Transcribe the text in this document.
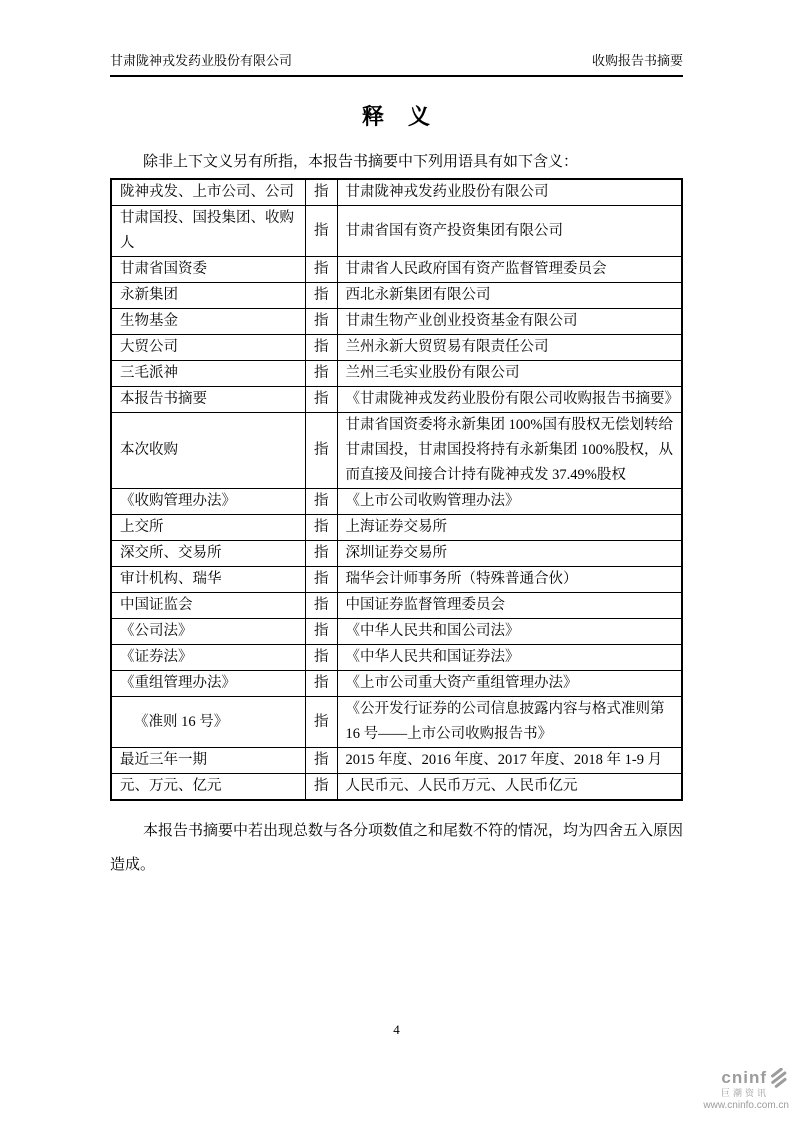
甘肃陇神戎发药业股份有限公司	收购报告书摘要
释　义

除非上下文义另有所指，本报告书摘要中下列用语具有如下含义：

陇神戎发、上市公司、公司	指	甘肃陇神戎发药业股份有限公司
甘肃国投、国投集团、收购人	指	甘肃省国有资产投资集团有限公司
甘肃省国资委	指	甘肃省人民政府国有资产监督管理委员会
永新集团	指	西北永新集团有限公司
生物基金	指	甘肃生物产业创业投资基金有限公司
大贸公司	指	兰州永新大贸贸易有限责任公司
三毛派神	指	兰州三毛实业股份有限公司
本报告书摘要	指	《甘肃陇神戎发药业股份有限公司收购报告书摘要》
本次收购	指	甘肃省国资委将永新集团 100%国有股权无偿划转给甘肃国投，甘肃国投将持有永新集团 100%股权，从而直接及间接合计持有陇神戎发 37.49%股权
《收购管理办法》	指	《上市公司收购管理办法》
上交所	指	上海证券交易所
深交所、交易所	指	深圳证券交易所
审计机构、瑞华	指	瑞华会计师事务所（特殊普通合伙）
中国证监会	指	中国证券监督管理委员会
《公司法》	指	《中华人民共和国公司法》
《证券法》	指	《中华人民共和国证券法》
《重组管理办法》	指	《上市公司重大资产重组管理办法》
《准则 16 号》	指	《公开发行证券的公司信息披露内容与格式准则第 16 号——上市公司收购报告书》
最近三年一期	指	2015 年度、2016 年度、2017 年度、2018 年 1-9 月
元、万元、亿元	指	人民币元、人民币万元、人民币亿元

本报告书摘要中若出现总数与各分项数值之和尾数不符的情况，均为四舍五入原因造成。

4
cninf
巨潮资讯
www.cninfo.com.cn
